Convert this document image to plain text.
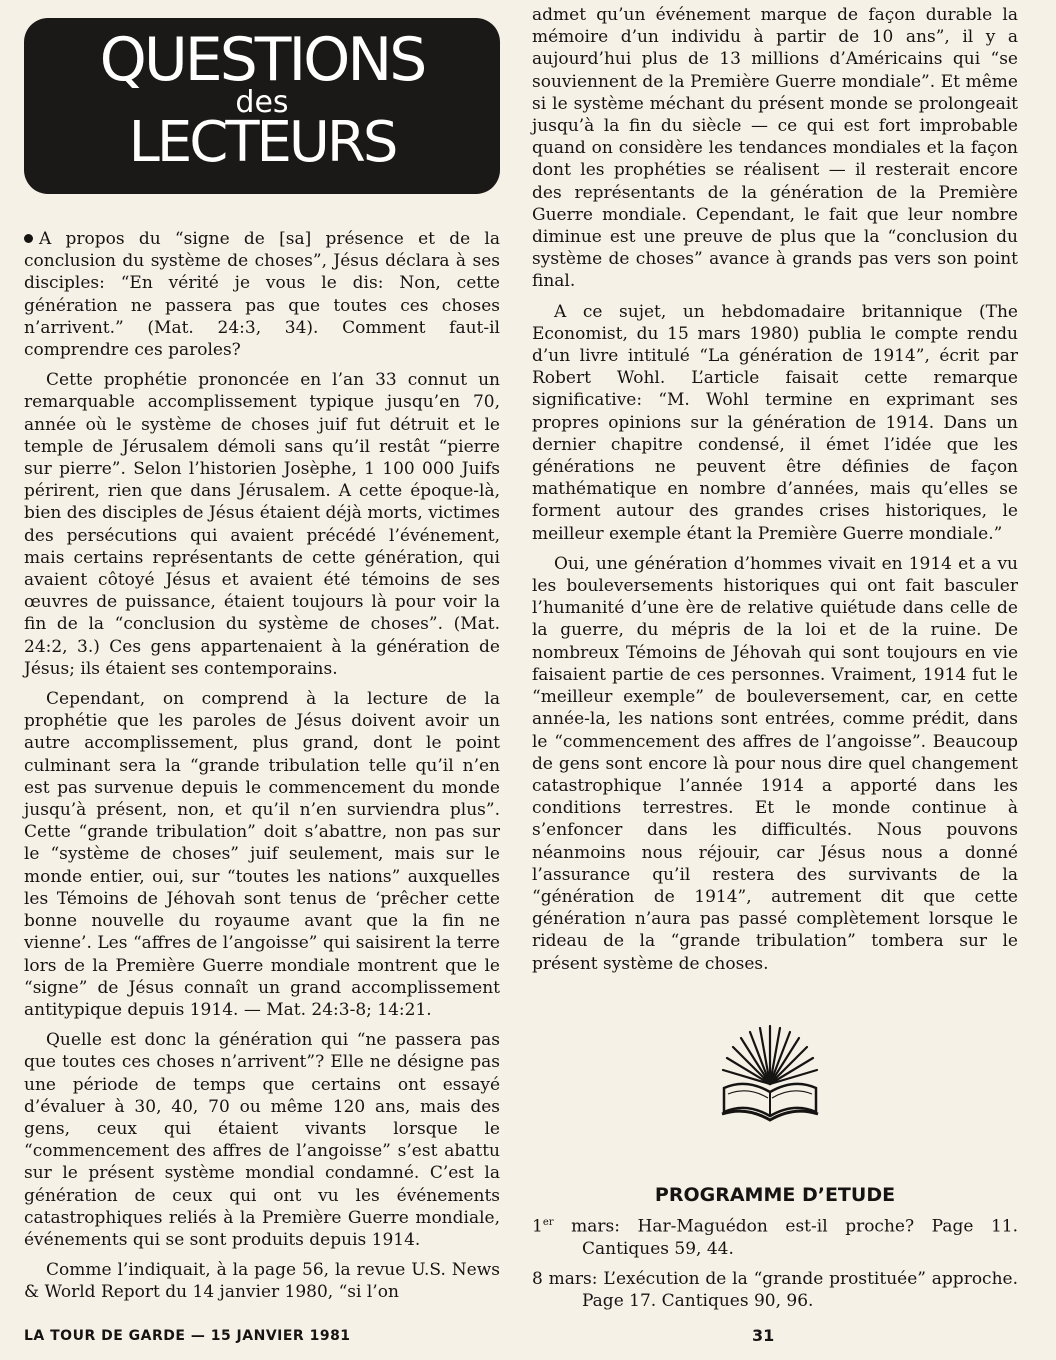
QUESTIONS
des
LECTEURS

A propos du “signe de [sa] présence et de la conclusion du système de choses”, Jésus déclara à ses disciples: “En vérité je vous le dis: Non, cette génération ne passera pas que toutes ces choses n’arrivent.” (Mat. 24:3, 34). Comment faut-il comprendre ces paroles?

Cette prophétie prononcée en l’an 33 connut un remarquable accomplissement typique jusqu’en 70, année où le système de choses juif fut détruit et le temple de Jérusalem démoli sans qu’il restât “pierre sur pierre”. Selon l’historien Josèphe, 1 100 000 Juifs périrent, rien que dans Jérusalem. A cette époque-là, bien des disciples de Jésus étaient déjà morts, victimes des persécutions qui avaient précédé l’événement, mais certains représentants de cette génération, qui avaient côtoyé Jésus et avaient été témoins de ses œuvres de puissance, étaient toujours là pour voir la fin de la “conclusion du système de choses”. (Mat. 24:2, 3.) Ces gens appartenaient à la génération de Jésus; ils étaient ses contemporains.

Cependant, on comprend à la lecture de la prophétie que les paroles de Jésus doivent avoir un autre accomplissement, plus grand, dont le point culminant sera la “grande tribulation telle qu’il n’en est pas survenue depuis le commencement du monde jusqu’à présent, non, et qu’il n’en surviendra plus”. Cette “grande tribulation” doit s’abattre, non pas sur le “système de choses” juif seulement, mais sur le monde entier, oui, sur “toutes les nations” auxquelles les Témoins de Jéhovah sont tenus de ‘prêcher cette bonne nouvelle du royaume avant que la fin ne vienne’. Les “affres de l’angoisse” qui saisirent la terre lors de la Première Guerre mondiale montrent que le “signe” de Jésus connaît un grand accomplissement antitypique depuis 1914. — Mat. 24:3-8; 14:21.

Quelle est donc la génération qui “ne passera pas que toutes ces choses n’arrivent”? Elle ne désigne pas une période de temps que certains ont essayé d’évaluer à 30, 40, 70 ou même 120 ans, mais des gens, ceux qui étaient vivants lorsque le “commencement des affres de l’angoisse” s’est abattu sur le présent système mondial condamné. C’est la génération de ceux qui ont vu les événements catastrophiques reliés à la Première Guerre mondiale, événements qui se sont produits depuis 1914.

Comme l’indiquait, à la page 56, la revue U.S. News & World Report du 14 janvier 1980, “si l’on

admet qu’un événement marque de façon durable la mémoire d’un individu à partir de 10 ans”, il y a aujourd’hui plus de 13 millions d’Américains qui “se souviennent de la Première Guerre mondiale”. Et même si le système méchant du présent monde se prolongeait jusqu’à la fin du siècle — ce qui est fort improbable quand on considère les tendances mondiales et la façon dont les prophéties se réalisent — il resterait encore des représentants de la génération de la Première Guerre mondiale. Cependant, le fait que leur nombre diminue est une preuve de plus que la “conclusion du système de choses” avance à grands pas vers son point final.

A ce sujet, un hebdomadaire britannique (The Economist, du 15 mars 1980) publia le compte rendu d’un livre intitulé “La génération de 1914”, écrit par Robert Wohl. L’article faisait cette remarque significative: “M. Wohl termine en exprimant ses propres opinions sur la génération de 1914. Dans un dernier chapitre condensé, il émet l’idée que les générations ne peuvent être définies de façon mathématique en nombre d’années, mais qu’elles se forment autour des grandes crises historiques, le meilleur exemple étant la Première Guerre mondiale.”

Oui, une génération d’hommes vivait en 1914 et a vu les bouleversements historiques qui ont fait basculer l’humanité d’une ère de relative quiétude dans celle de la guerre, du mépris de la loi et de la ruine. De nombreux Témoins de Jéhovah qui sont toujours en vie faisaient partie de ces personnes. Vraiment, 1914 fut le “meilleur exemple” de bouleversement, car, en cette année-la, les nations sont entrées, comme prédit, dans le “commencement des affres de l’angoisse”. Beaucoup de gens sont encore là pour nous dire quel changement catastrophique l’année 1914 a apporté dans les conditions terrestres. Et le monde continue à s’enfoncer dans les difficultés. Nous pouvons néanmoins nous réjouir, car Jésus nous a donné l’assurance qu’il restera des survivants de la “génération de 1914”, autrement dit que cette génération n’aura pas passé complètement lorsque le rideau de la “grande tribulation” tombera sur le présent système de choses.

PROGRAMME D’ETUDE
1er mars: Har-Maguédon est-il proche? Page 11. Cantiques 59, 44.
8 mars: L’exécution de la “grande prostituée” approche. Page 17. Cantiques 90, 96.
LA TOUR DE GARDE — 15 JANVIER 1981	31
